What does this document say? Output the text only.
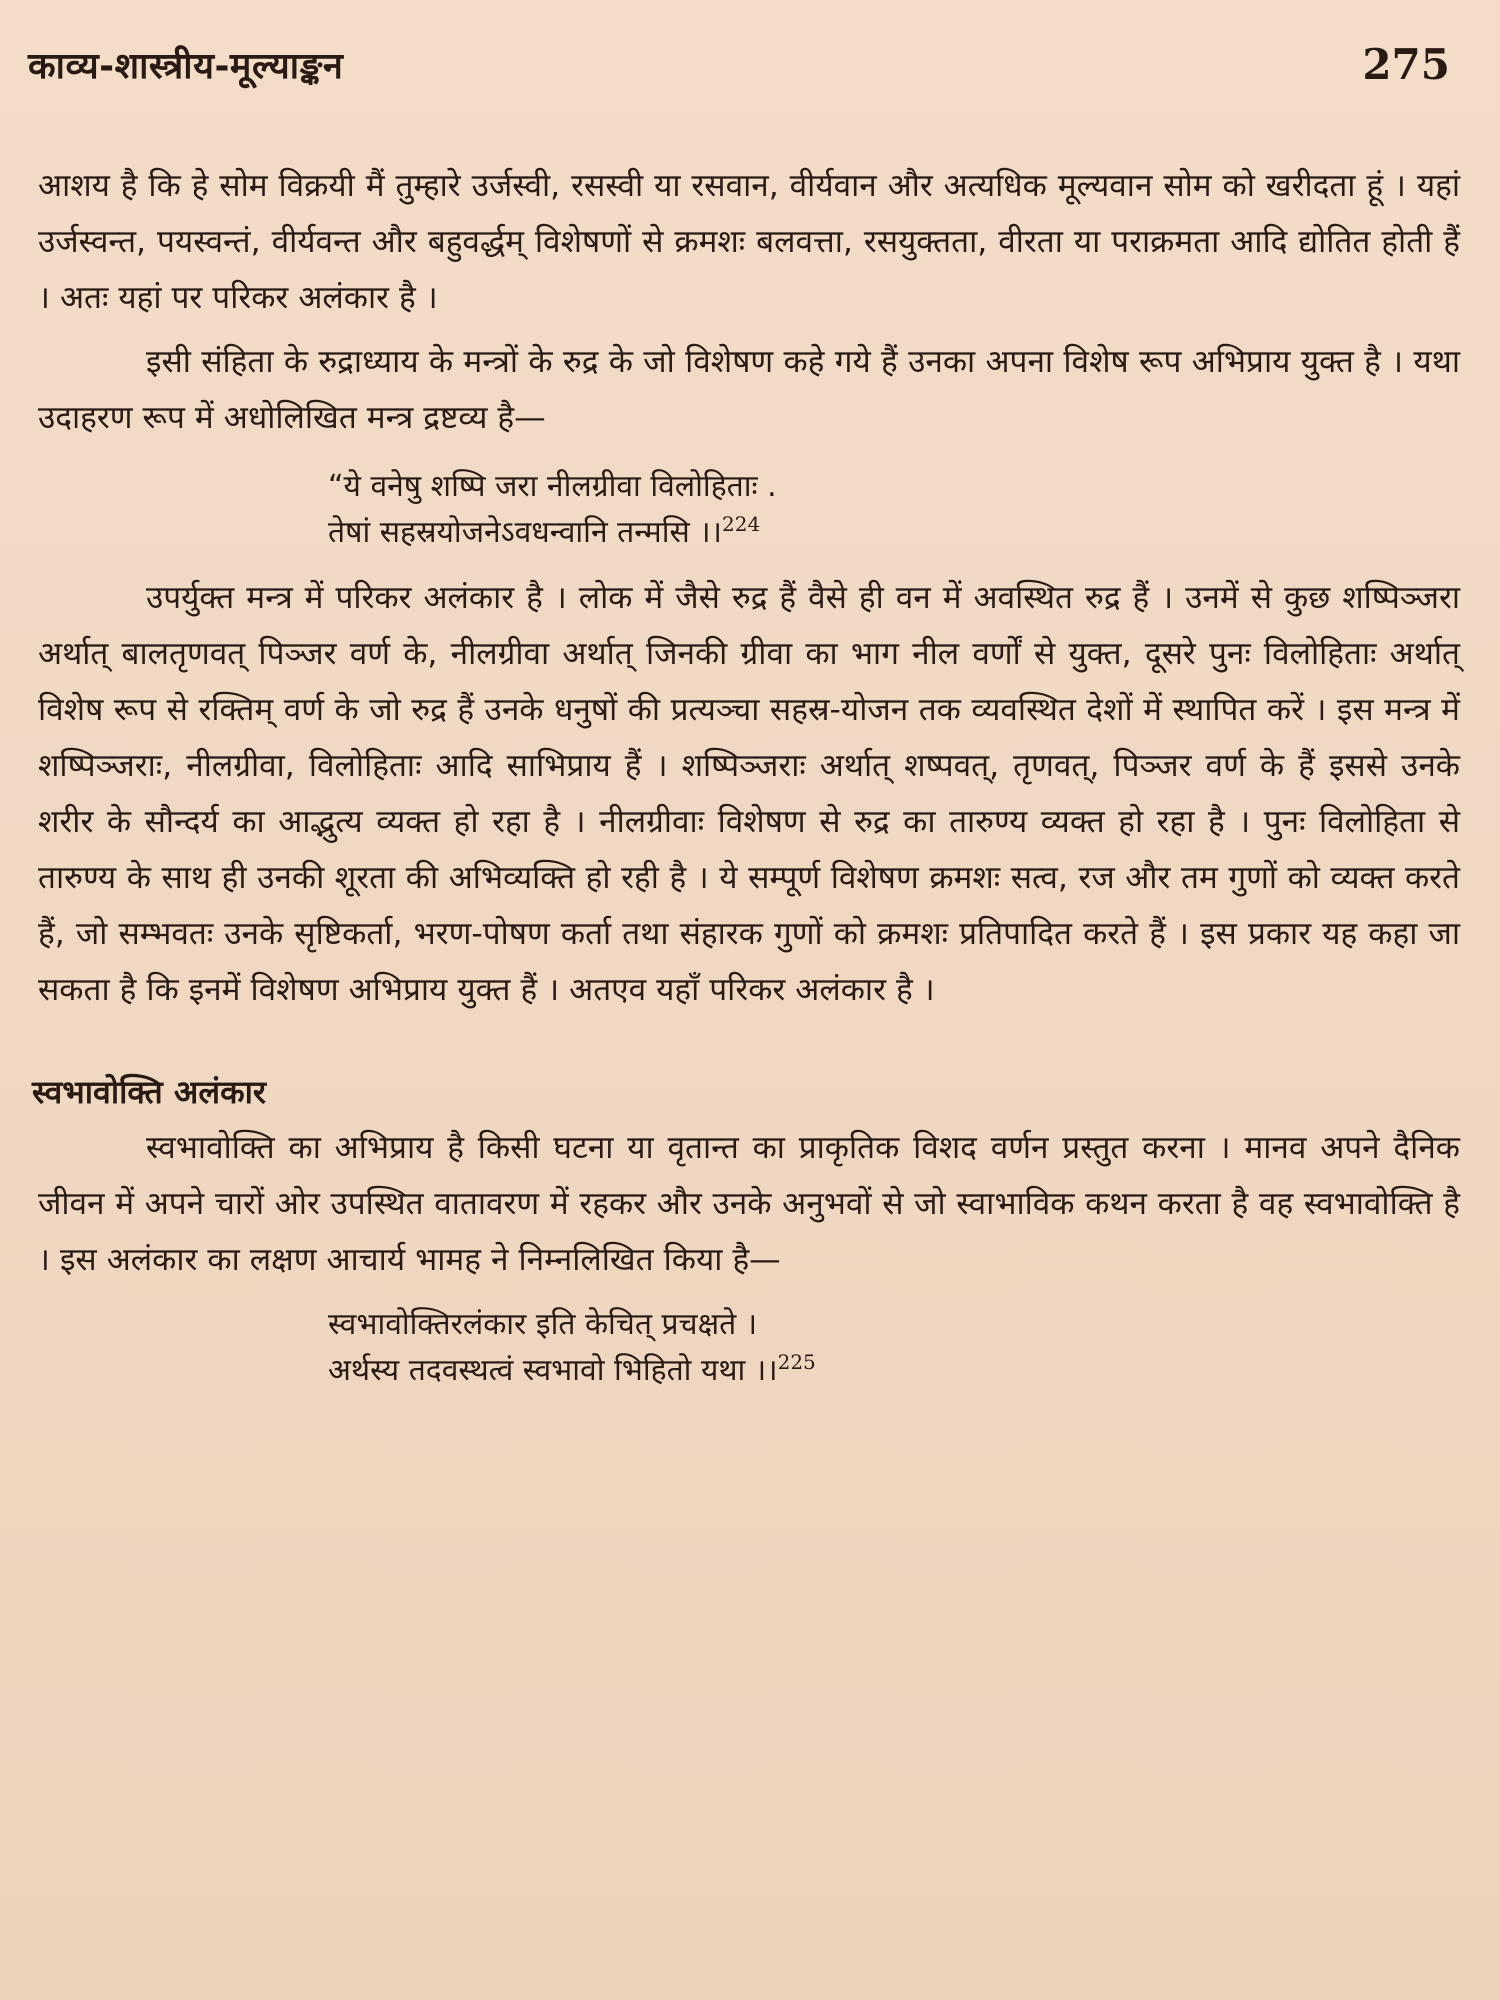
काव्य-शास्त्रीय-मूल्याङ्कन	275

आशय है कि हे सोम विक्रयी मैं तुम्हारे उर्जस्वी, रसस्वी या रसवान, वीर्यवान और अत्यधिक मूल्यवान सोम को खरीदता हूं । यहां उर्जस्वन्त, पयस्वन्तं, वीर्यवन्त और बहुवर्द्धम् विशेषणों से क्रमशः बलवत्ता, रसयुक्तता, वीरता या पराक्रमता आदि द्योतित होती हैं । अतः यहां पर परिकर अलंकार है ।

इसी संहिता के रुद्राध्याय के मन्त्रों के रुद्र के जो विशेषण कहे गये हैं उनका अपना विशेष रूप अभिप्राय युक्त है । यथा उदाहरण रूप में अधोलिखित मन्त्र द्रष्टव्य है—

“ये वनेषु शष्पि जरा नीलग्रीवा विलोहिताः .
तेषां सहस्रयोजनेऽवधन्वानि तन्मसि ।।$^{224}$

उपर्युक्त मन्त्र में परिकर अलंकार है । लोक में जैसे रुद्र हैं वैसे ही वन में अवस्थित रुद्र हैं । उनमें से कुछ शष्पिञ्जरा अर्थात् बालतृणवत् पिञ्जर वर्ण के, नीलग्रीवा अर्थात् जिनकी ग्रीवा का भाग नील वर्णों से युक्त, दूसरे पुनः विलोहिताः अर्थात् विशेष रूप से रक्तिम् वर्ण के जो रुद्र हैं उनके धनुषों की प्रत्यञ्चा सहस्र-योजन तक व्यवस्थित देशों में स्थापित करें । इस मन्त्र में शष्पिञ्जराः, नीलग्रीवा, विलोहिताः आदि साभिप्राय हैं । शष्पिञ्जराः अर्थात् शष्पवत्, तृणवत्, पिञ्जर वर्ण के हैं इससे उनके शरीर के सौन्दर्य का आद्भुत्य व्यक्त हो रहा है । नीलग्रीवाः विशेषण से रुद्र का तारुण्य व्यक्त हो रहा है । पुनः विलोहिता से तारुण्य के साथ ही उनकी शूरता की अभिव्यक्ति हो रही है । ये सम्पूर्ण विशेषण क्रमशः सत्व, रज और तम गुणों को व्यक्त करते हैं, जो सम्भवतः उनके सृष्टिकर्ता, भरण-पोषण कर्ता तथा संहारक गुणों को क्रमशः प्रतिपादित करते हैं । इस प्रकार यह कहा जा सकता है कि इनमें विशेषण अभिप्राय युक्त हैं । अतएव यहाँ परिकर अलंकार है ।

स्वभावोक्ति अलंकार

स्वभावोक्ति का अभिप्राय है किसी घटना या वृतान्त का प्राकृतिक विशद वर्णन प्रस्तुत करना । मानव अपने दैनिक जीवन में अपने चारों ओर उपस्थित वातावरण में रहकर और उनके अनुभवों से जो स्वाभाविक कथन करता है वह स्वभावोक्ति है । इस अलंकार का लक्षण आचार्य भामह ने निम्नलिखित किया है—

स्वभावोक्तिरलंकार इति केचित् प्रचक्षते ।
अर्थस्य तदवस्थत्वं स्वभावो भिहितो यथा ।।$^{225}$
